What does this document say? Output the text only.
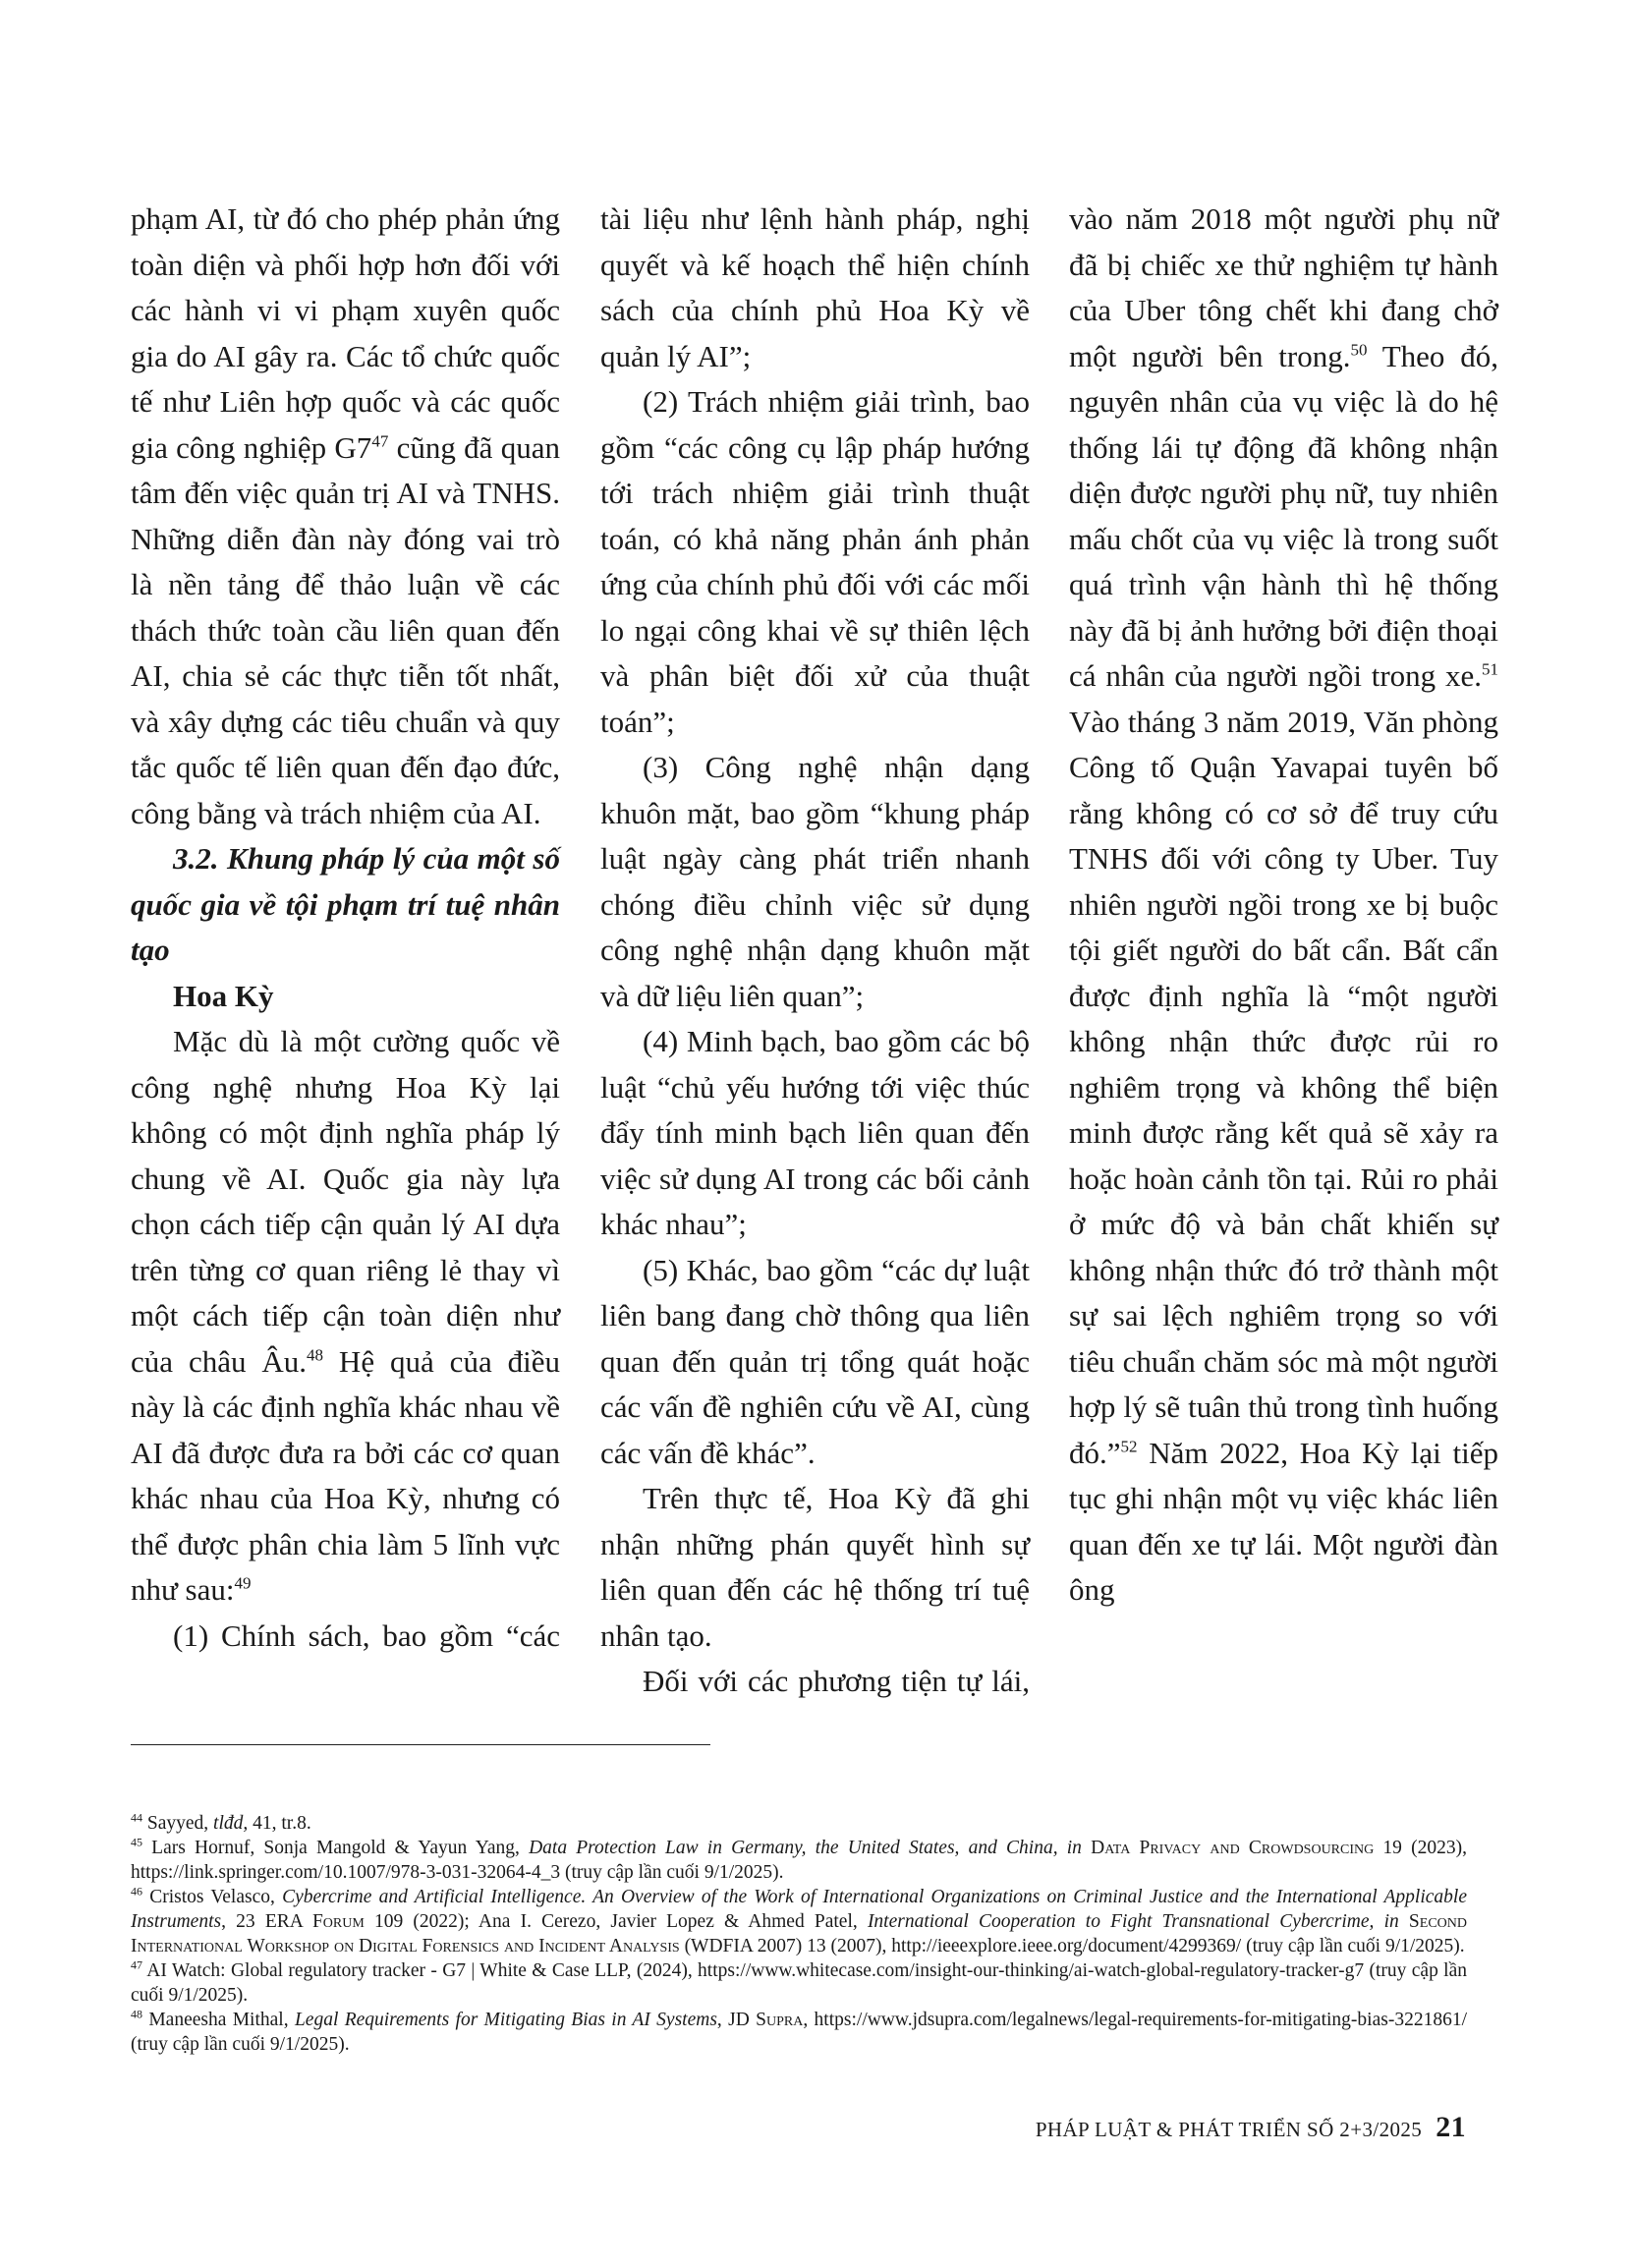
phạm AI, từ đó cho phép phản ứng toàn diện và phối hợp hơn đối với các hành vi vi phạm xuyên quốc gia do AI gây ra. Các tổ chức quốc tế như Liên hợp quốc và các quốc gia công nghiệp $G7^{47}$ cũng đã quan tâm đến việc quản trị AI và TNHS. Những diễn đàn này đóng vai trò là nền tảng để thảo luận về các thách thức toàn cầu liên quan đến AI, chia sẻ các thực tiễn tốt nhất, và xây dựng các tiêu chuẩn và quy tắc quốc tế liên quan đến đạo đức, công bằng và trách nhiệm của AI.

3.2. Khung pháp lý của một số quốc gia về tội phạm trí tuệ nhân tạo

Hoa Kỳ

Mặc dù là một cường quốc về công nghệ nhưng Hoa Kỳ lại không có một định nghĩa pháp lý chung về AI. Quốc gia này lựa chọn cách tiếp cận quản lý AI dựa trên từng cơ quan riêng lẻ thay vì một cách tiếp cận toàn diện như của châu Âu.$^{48}$ Hệ quả của điều này là các định nghĩa khác nhau về AI đã được đưa ra bởi các cơ quan khác nhau của Hoa Kỳ, nhưng có thể được phân chia làm 5 lĩnh vực như sau:$^{49}$

(1) Chính sách, bao gồm “các

tài liệu như lệnh hành pháp, nghị quyết và kế hoạch thể hiện chính sách của chính phủ Hoa Kỳ về quản lý AI”;

(2) Trách nhiệm giải trình, bao gồm “các công cụ lập pháp hướng tới trách nhiệm giải trình thuật toán, có khả năng phản ánh phản ứng của chính phủ đối với các mối lo ngại công khai về sự thiên lệch và phân biệt đối xử của thuật toán”;

(3) Công nghệ nhận dạng khuôn mặt, bao gồm “khung pháp luật ngày càng phát triển nhanh chóng điều chỉnh việc sử dụng công nghệ nhận dạng khuôn mặt và dữ liệu liên quan”;

(4) Minh bạch, bao gồm các bộ luật “chủ yếu hướng tới việc thúc đẩy tính minh bạch liên quan đến việc sử dụng AI trong các bối cảnh khác nhau”;

(5) Khác, bao gồm “các dự luật liên bang đang chờ thông qua liên quan đến quản trị tổng quát hoặc các vấn đề nghiên cứu về AI, cùng các vấn đề khác”.

Trên thực tế, Hoa Kỳ đã ghi nhận những phán quyết hình sự liên quan đến các hệ thống trí tuệ nhân tạo.

Đối với các phương tiện tự lái,

vào năm 2018 một người phụ nữ đã bị chiếc xe thử nghiệm tự hành của Uber tông chết khi đang chở một người bên trong.$^{50}$ Theo đó, nguyên nhân của vụ việc là do hệ thống lái tự động đã không nhận diện được người phụ nữ, tuy nhiên mấu chốt của vụ việc là trong suốt quá trình vận hành thì hệ thống này đã bị ảnh hưởng bởi điện thoại cá nhân của người ngồi trong xe.$^{51}$ Vào tháng 3 năm 2019, Văn phòng Công tố Quận Yavapai tuyên bố rằng không có cơ sở để truy cứu TNHS đối với công ty Uber. Tuy nhiên người ngồi trong xe bị buộc tội giết người do bất cẩn. Bất cẩn được định nghĩa là “một người không nhận thức được rủi ro nghiêm trọng và không thể biện minh được rằng kết quả sẽ xảy ra hoặc hoàn cảnh tồn tại. Rủi ro phải ở mức độ và bản chất khiến sự không nhận thức đó trở thành một sự sai lệch nghiêm trọng so với tiêu chuẩn chăm sóc mà một người hợp lý sẽ tuân thủ trong tình huống đó.”$^{52}$ Năm 2022, Hoa Kỳ lại tiếp tục ghi nhận một vụ việc khác liên quan đến xe tự lái. Một người đàn ông

$^{44}$ Sayyed, tlđd, 41, tr.8.

$^{45}$ Lars Hornuf, Sonja Mangold & Yayun Yang, Data Protection Law in Germany, the United States, and China, in Data Privacy and Crowdsourcing 19 (2023), https://link.springer.com/10.1007/978-3-031-32064-4_3 (truy cập lần cuối 9/1/2025).

$^{46}$ Cristos Velasco, Cybercrime and Artificial Intelligence. An Overview of the Work of International Organizations on Criminal Justice and the International Applicable Instruments, 23 ERA Forum 109 (2022); Ana I. Cerezo, Javier Lopez & Ahmed Patel, International Cooperation to Fight Transnational Cybercrime, in Second International Workshop on Digital Forensics and Incident Analysis (WDFIA 2007) 13 (2007), http://ieeexplore.ieee.org/document/4299369/ (truy cập lần cuối 9/1/2025).

$^{47}$ AI Watch: Global regulatory tracker - G7 | White & Case LLP, (2024), https://www.whitecase.com/insight-our-thinking/ai-watch-global-regulatory-tracker-g7 (truy cập lần cuối 9/1/2025).

$^{48}$ Maneesha Mithal, Legal Requirements for Mitigating Bias in AI Systems, JD Supra, https://www.jdsupra.com/legalnews/legal-requirements-for-mitigating-bias-3221861/ (truy cập lần cuối 9/1/2025).

PHÁP LUẬT & PHÁT TRIỂN SỐ 2+3/2025 21
